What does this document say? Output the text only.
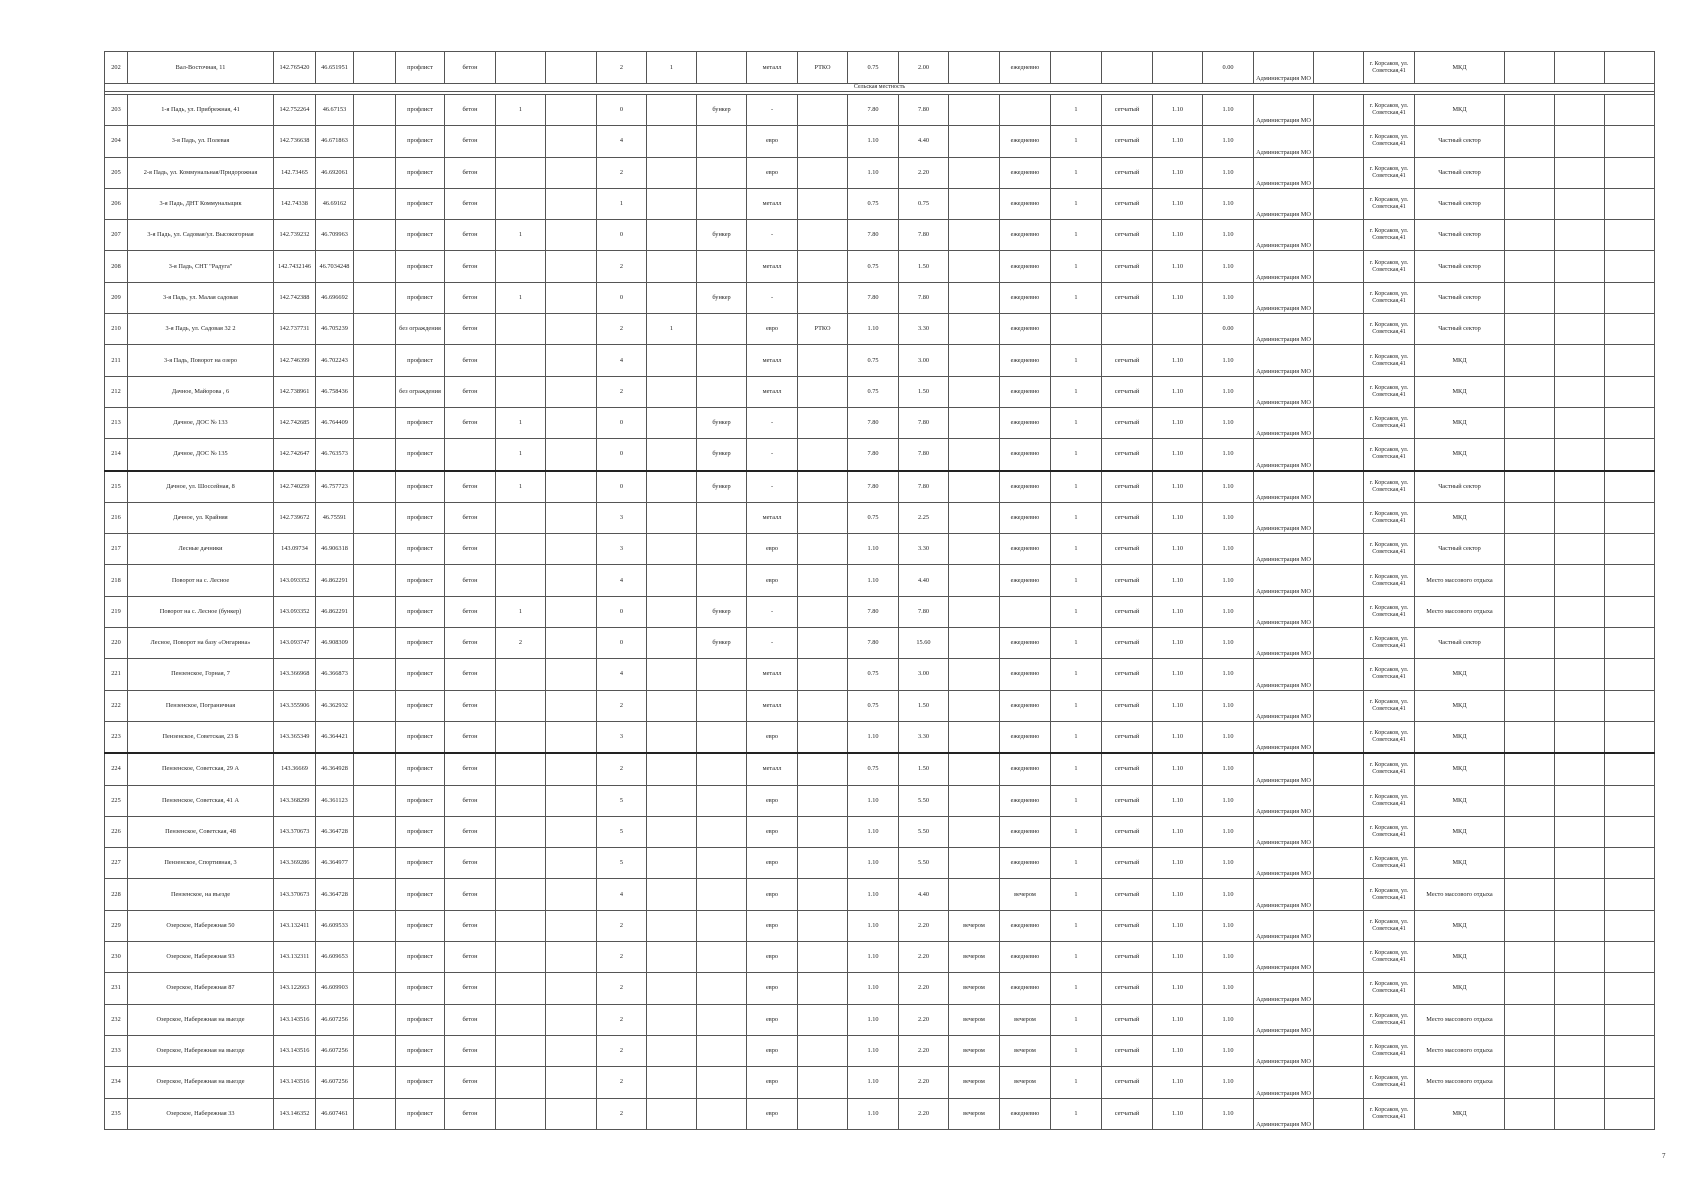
202	Вал-Восточная, 11	142.765420	46.651951		профлист	бетон			2	1		металл	РТКО	0.75	2.00		ежедневно				0.00	Администрация МО		г. Корсаков, ул.
Советская,41	МКД			
Сельская местность																												

203	1-я Падь, ул. Прибрежная, 41	142.752264	46.67153		профлист	бетон	1		0		бункер	-		7.80	7.80			1	сетчатый	1.10	1.10	Администрация МО		г. Корсаков, ул.
Советская,41	МКД			
204	3-я Падь, ул. Полевая	142.736638	46.671863		профлист	бетон			4			евро		1.10	4.40		ежедневно	1	сетчатый	1.10	1.10	Администрация МО		г. Корсаков, ул.
Советская,41	Частный сектор			
205	2-я Падь, ул. Коммунальная/Придорожная	142.73465	46.692061		профлист	бетон			2			евро		1.10	2.20		ежедневно	1	сетчатый	1.10	1.10	Администрация МО		г. Корсаков, ул.
Советская,41	Частный сектор			
206	3-я Падь, ДНТ Коммунальщик	142.74338	46.69162		профлист	бетон			1			металл		0.75	0.75		ежедневно	1	сетчатый	1.10	1.10	Администрация МО		г. Корсаков, ул.
Советская,41	Частный сектор			
207	3-я Падь, ул. Садовая/ул. Высокогорная	142.739232	46.709963		профлист	бетон	1		0		бункер	-		7.80	7.80		ежедневно	1	сетчатый	1.10	1.10	Администрация МО		г. Корсаков, ул.
Советская,41	Частный сектор			
208	3-я Падь, СНТ "Радуга"	142.7432146	46.7034248		профлист	бетон			2			металл		0.75	1.50		ежедневно	1	сетчатый	1.10	1.10	Администрация МО		г. Корсаков, ул.
Советская,41	Частный сектор			
209	3-я Падь, ул. Малая садовая	142.742388	46.696692		профлист	бетон	1		0		бункер	-		7.80	7.80		ежедневно	1	сетчатый	1.10	1.10	Администрация МО		г. Корсаков, ул.
Советская,41	Частный сектор			
210	3-я Падь, ул. Садовая 32 2	142.737731	46.705239		без ограждения	бетон			2	1		евро	РТКО	1.10	3.30		ежедневно				0.00	Администрация МО		г. Корсаков, ул.
Советская,41	Частный сектор			
211	3-я Падь, Поворот на озеро	142.746399	46.702243		профлист	бетон			4			металл		0.75	3.00		ежедневно	1	сетчатый	1.10	1.10	Администрация МО		г. Корсаков, ул.
Советская,41	МКД			
212	Дачное, Майорова , 6	142.738961	46.758436		без ограждения	бетон			2			металл		0.75	1.50		ежедневно	1	сетчатый	1.10	1.10	Администрация МО		г. Корсаков, ул.
Советская,41	МКД			
213	Дачное, ДОС № 133	142.742685	46.764409		профлист	бетон	1		0		бункер	-		7.80	7.80		ежедневно	1	сетчатый	1.10	1.10	Администрация МО		г. Корсаков, ул.
Советская,41	МКД			
214	Дачное, ДОС № 135	142.742647	46.763573		профлист		1		0		бункер	-		7.80	7.80		ежедневно	1	сетчатый	1.10	1.10	Администрация МО		г. Корсаков, ул.
Советская,41	МКД			
215	Дачное, ул. Шоссейная, 8	142.740259	46.757723		профлист	бетон	1		0		бункер	-		7.80	7.80		ежедневно	1	сетчатый	1.10	1.10	Администрация МО		г. Корсаков, ул.
Советская,41	Частный сектор			
216	Дачное, ул. Крайняя	142.739672	46.75591		профлист	бетон			3			металл		0.75	2.25		ежедневно	1	сетчатый	1.10	1.10	Администрация МО		г. Корсаков, ул.
Советская,41	МКД			
217	Лесные дачники	143.09734	46.906318		профлист	бетон			3			евро		1.10	3.30		ежедневно	1	сетчатый	1.10	1.10	Администрация МО		г. Корсаков, ул.
Советская,41	Частный сектор			
218	Поворот на с. Лесное	143.093352	46.862291		профлист	бетон			4			евро		1.10	4.40		ежедневно	1	сетчатый	1.10	1.10	Администрация МО		г. Корсаков, ул.
Советская,41	Место массового отдыха			
219	Поворот на с. Лесное (бункер)	143.093352	46.862291		профлист	бетон	1		0		бункер	-		7.80	7.80			1	сетчатый	1.10	1.10	Администрация МО		г. Корсаков, ул.
Советская,41	Место массового отдыха			
220	Лесное, Поворот на базу «Онгарина»	143.093747	46.908309		профлист	бетон	2		0		бункер	-		7.80	15.60		ежедневно	1	сетчатый	1.10	1.10	Администрация МО		г. Корсаков, ул.
Советская,41	Частный сектор			
221	Пензенское, Горная, 7	143.366968	46.366873		профлист	бетон			4			металл		0.75	3.00		ежедневно	1	сетчатый	1.10	1.10	Администрация МО		г. Корсаков, ул.
Советская,41	МКД			
222	Пензенское, Пограничная	143.355906	46.362932		профлист	бетон			2			металл		0.75	1.50		ежедневно	1	сетчатый	1.10	1.10	Администрация МО		г. Корсаков, ул.
Советская,41	МКД			
223	Пензенское, Советская, 23 Б	143.365349	46.364421		профлист	бетон			3			евро		1.10	3.30		ежедневно	1	сетчатый	1.10	1.10	Администрация МО		г. Корсаков, ул.
Советская,41	МКД			
224	Пензенское, Советская, 29 А	143.36669	46.364928		профлист	бетон			2			металл		0.75	1.50		ежедневно	1	сетчатый	1.10	1.10	Администрация МО		г. Корсаков, ул.
Советская,41	МКД			
225	Пензенское, Советская, 41 А	143.368299	46.361123		профлист	бетон			5			евро		1.10	5.50		ежедневно	1	сетчатый	1.10	1.10	Администрация МО		г. Корсаков, ул.
Советская,41	МКД			
226	Пензенское, Советская, 48	143.370673	46.364728		профлист	бетон			5			евро		1.10	5.50		ежедневно	1	сетчатый	1.10	1.10	Администрация МО		г. Корсаков, ул.
Советская,41	МКД			
227	Пензенское, Спортивная, 3	143.369286	46.364977		профлист	бетон			5			евро		1.10	5.50		ежедневно	1	сетчатый	1.10	1.10	Администрация МО		г. Корсаков, ул.
Советская,41	МКД			
228	Пензенское, на въезде	143.370673	46.364728		профлист	бетон			4			евро		1.10	4.40		вечером	1	сетчатый	1.10	1.10	Администрация МО		г. Корсаков, ул.
Советская,41	Место массового отдыха			
229	Озерское, Набережная 50	143.132411	46.609533		профлист	бетон			2			евро		1.10	2.20	вечером	ежедневно	1	сетчатый	1.10	1.10	Администрация МО		г. Корсаков, ул.
Советская,41	МКД			
230	Озерское, Набережная 93	143.132311	46.609653		профлист	бетон			2			евро		1.10	2.20	вечером	ежедневно	1	сетчатый	1.10	1.10	Администрация МО		г. Корсаков, ул.
Советская,41	МКД			
231	Озерское, Набережная 87	143.122663	46.609903		профлист	бетон			2			евро		1.10	2.20	вечером	ежедневно	1	сетчатый	1.10	1.10	Администрация МО		г. Корсаков, ул.
Советская,41	МКД			
232	Озерское, Набережная на выезде	143.143516	46.607256		профлист	бетон			2			евро		1.10	2.20	вечером	вечером	1	сетчатый	1.10	1.10	Администрация МО		г. Корсаков, ул.
Советская,41	Место массового отдыха			
233	Озерское, Набережная на выезде	143.143516	46.607256		профлист	бетон			2			евро		1.10	2.20	вечером	вечером	1	сетчатый	1.10	1.10	Администрация МО		г. Корсаков, ул.
Советская,41	Место массового отдыха			
234	Озерское, Набережная на выезде	143.143516	46.607256		профлист	бетон			2			евро		1.10	2.20	вечером	вечером	1	сетчатый	1.10	1.10	Администрация МО		г. Корсаков, ул.
Советская,41	Место массового отдыха			
235	Озерское, Набережная 33	143.146352	46.607461		профлист	бетон			2			евро		1.10	2.20	вечером	ежедневно	1	сетчатый	1.10	1.10	Администрация МО		г. Корсаков, ул.
Советская,41	МКД			
7
